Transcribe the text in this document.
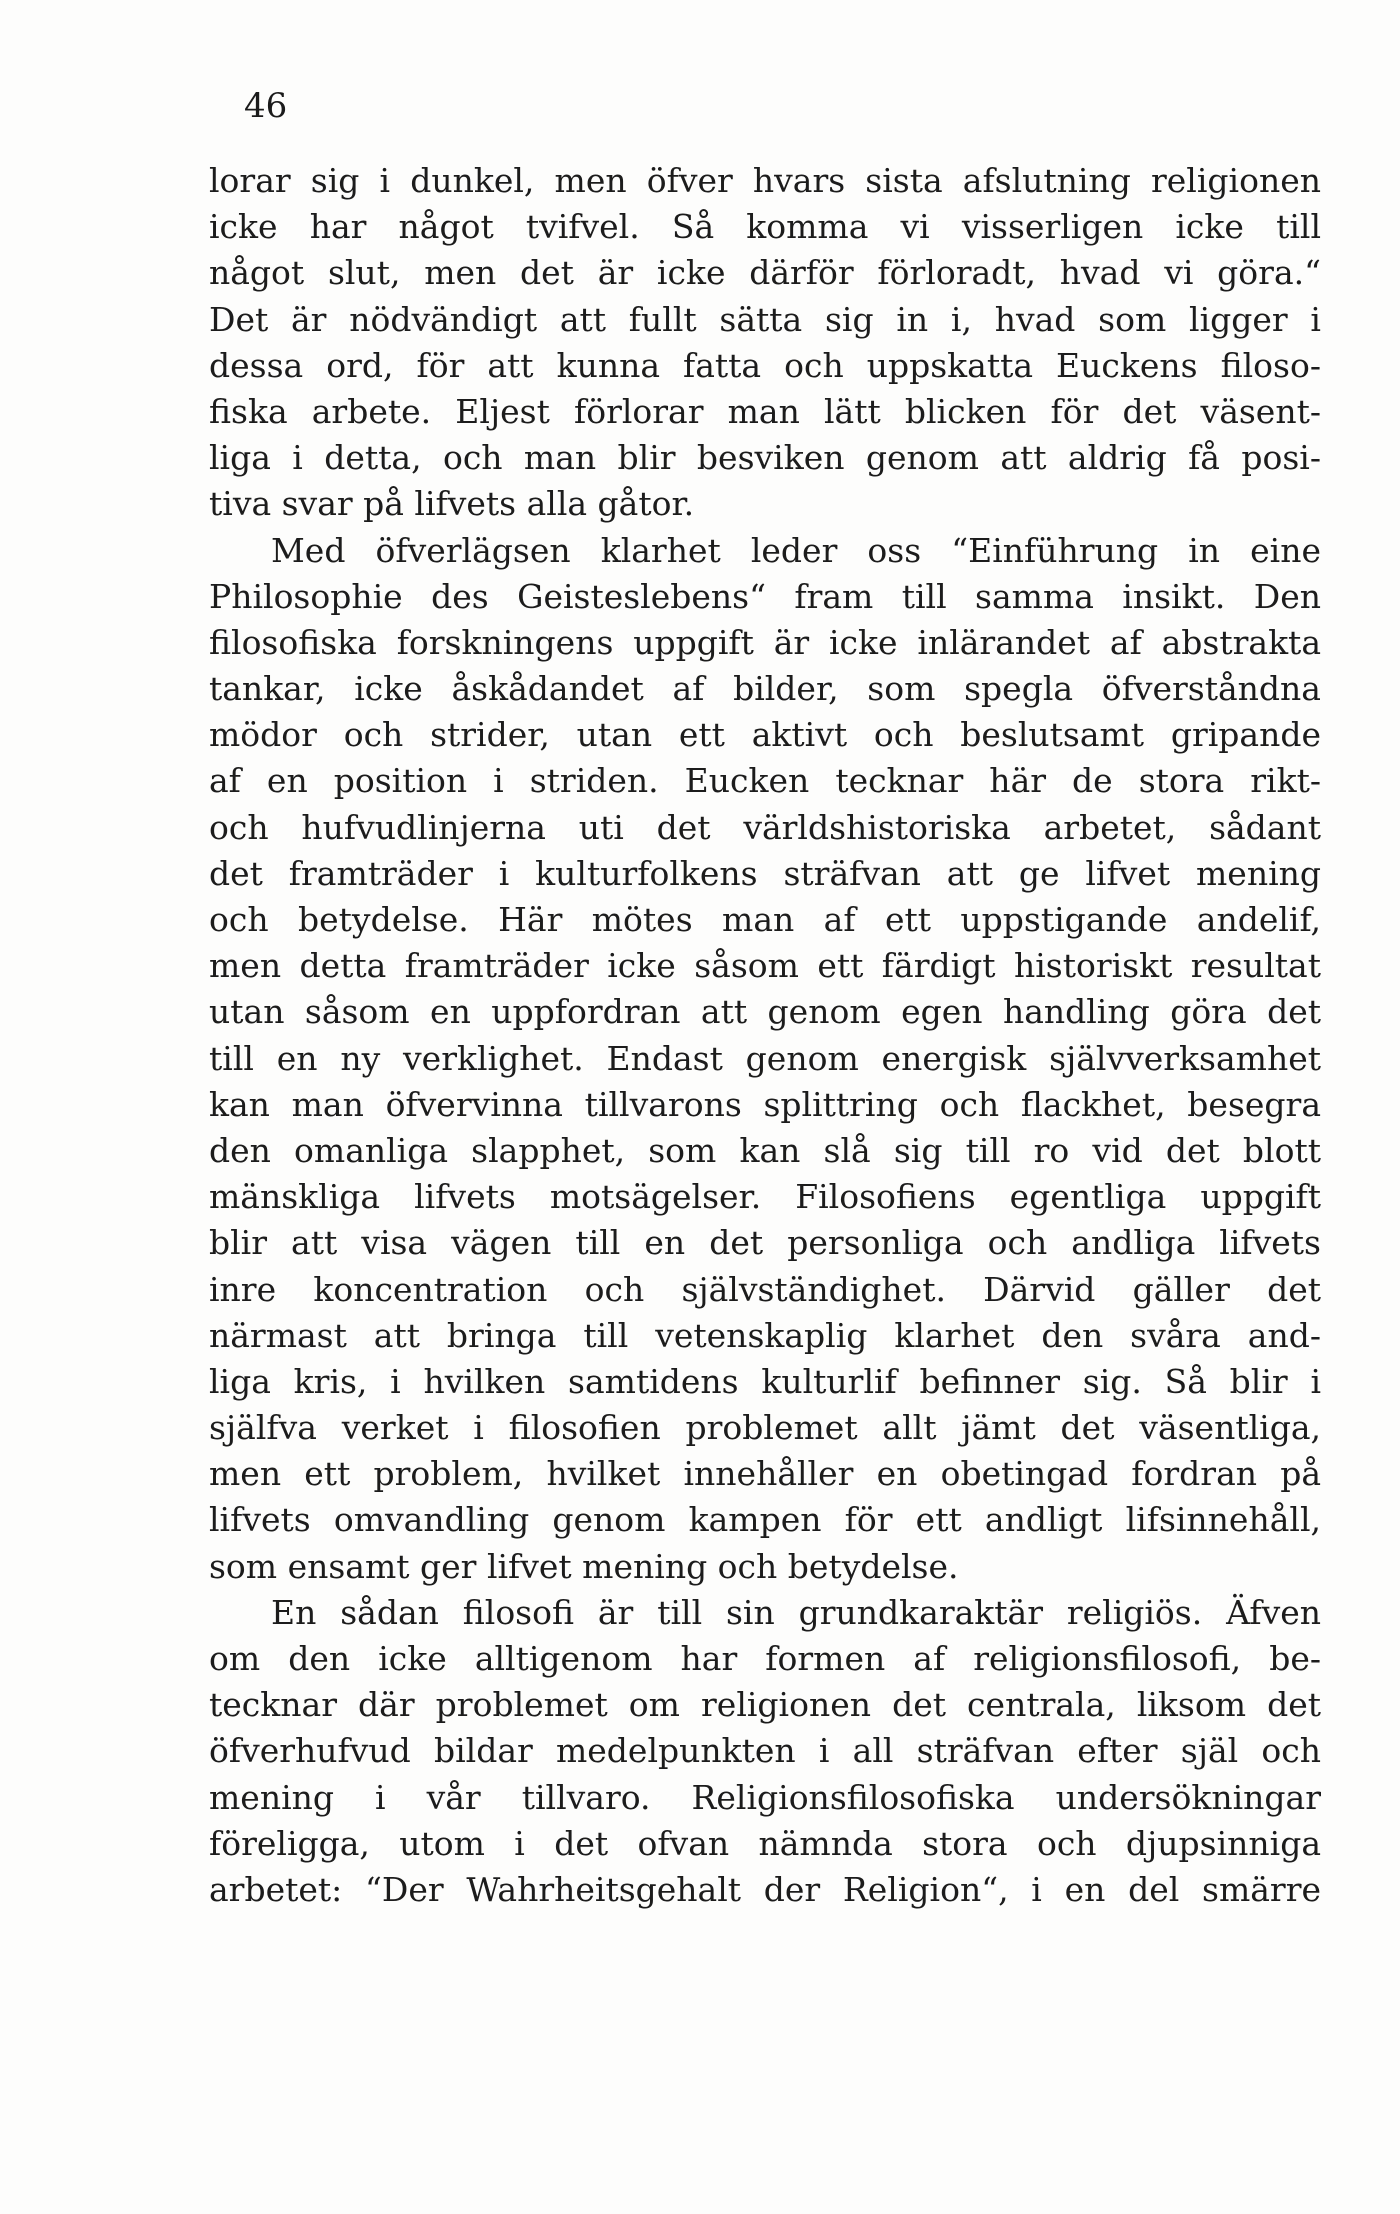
46
lorar sig i dunkel, men öfver hvars sista afslutning religionen
icke har något tvifvel. Så komma vi visserligen icke till
något slut, men det är icke därför förloradt, hvad vi göra.“
Det är nödvändigt att fullt sätta sig in i, hvad som ligger i
dessa ord, för att kunna fatta och uppskatta Euckens filoso-
fiska arbete. Eljest förlorar man lätt blicken för det väsent-
liga i detta, och man blir besviken genom att aldrig få posi-
tiva svar på lifvets alla gåtor.
Med öfverlägsen klarhet leder oss “Einführung in eine
Philosophie des Geisteslebens“ fram till samma insikt. Den
filosofiska forskningens uppgift är icke inlärandet af abstrakta
tankar, icke åskådandet af bilder, som spegla öfverståndna
mödor och strider, utan ett aktivt och beslutsamt gripande
af en position i striden. Eucken tecknar här de stora rikt-
och hufvudlinjerna uti det världshistoriska arbetet, sådant
det framträder i kulturfolkens sträfvan att ge lifvet mening
och betydelse. Här mötes man af ett uppstigande andelif,
men detta framträder icke såsom ett färdigt historiskt resultat
utan såsom en uppfordran att genom egen handling göra det
till en ny verklighet. Endast genom energisk självverksamhet
kan man öfvervinna tillvarons splittring och flackhet, besegra
den omanliga slapphet, som kan slå sig till ro vid det blott
mänskliga lifvets motsägelser. Filosofiens egentliga uppgift
blir att visa vägen till en det personliga och andliga lifvets
inre koncentration och självständighet. Därvid gäller det
närmast att bringa till vetenskaplig klarhet den svåra and-
liga kris, i hvilken samtidens kulturlif befinner sig. Så blir i
själfva verket i filosofien problemet allt jämt det väsentliga,
men ett problem, hvilket innehåller en obetingad fordran på
lifvets omvandling genom kampen för ett andligt lifsinnehåll,
som ensamt ger lifvet mening och betydelse.
En sådan filosofi är till sin grundkaraktär religiös. Äfven
om den icke alltigenom har formen af religionsfilosofi, be-
tecknar där problemet om religionen det centrala, liksom det
öfverhufvud bildar medelpunkten i all sträfvan efter själ och
mening i vår tillvaro. Religionsfilosofiska undersökningar
föreligga, utom i det ofvan nämnda stora och djupsinniga
arbetet: “Der Wahrheitsgehalt der Religion“, i en del smärre
